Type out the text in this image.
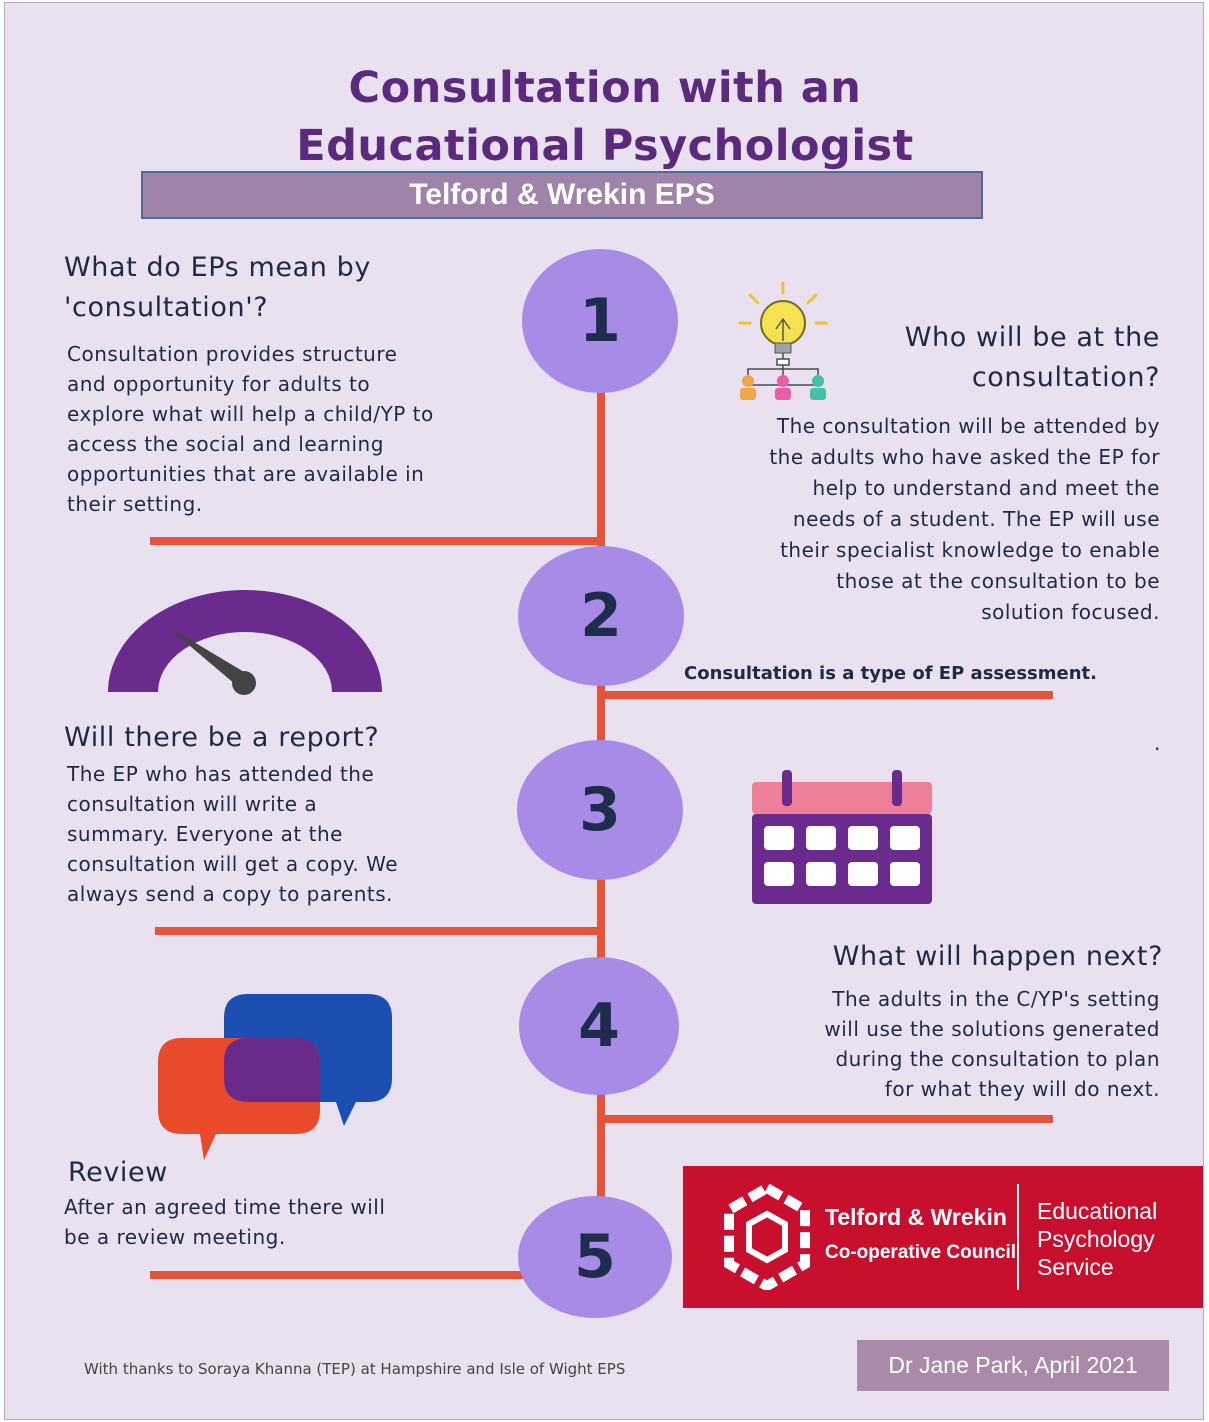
Consultation with an
Educational Psychologist
Telford & Wrekin EPS
1
2
3
4
5
What do EPs mean by
'consultation'?
Consultation provides structure
and opportunity for adults to
explore what will help a child/YP to
access the social and learning
opportunities that are available in
their setting.
Who will be at the
consultation?
The consultation will be attended by
the adults who have asked the EP for
help to understand and meet the
needs of a student. The EP will use
their specialist knowledge to enable
those at the consultation to be
solution focused.
Consultation is a type of EP assessment.
.
Will there be a report?
The EP who has attended the
consultation will write a
summary. Everyone at the
consultation will get a copy. We
always send a copy to parents.
What will happen next?
The adults in the C/YP's setting
will use the solutions generated
during the consultation to plan
for what they will do next.
Review
After an agreed time there will
be a review meeting.
Telford & Wrekin
Co-operative Council
Educational
Psychology
Service
Dr Jane Park, April 2021
With thanks to Soraya Khanna (TEP) at Hampshire and Isle of Wight EPS
